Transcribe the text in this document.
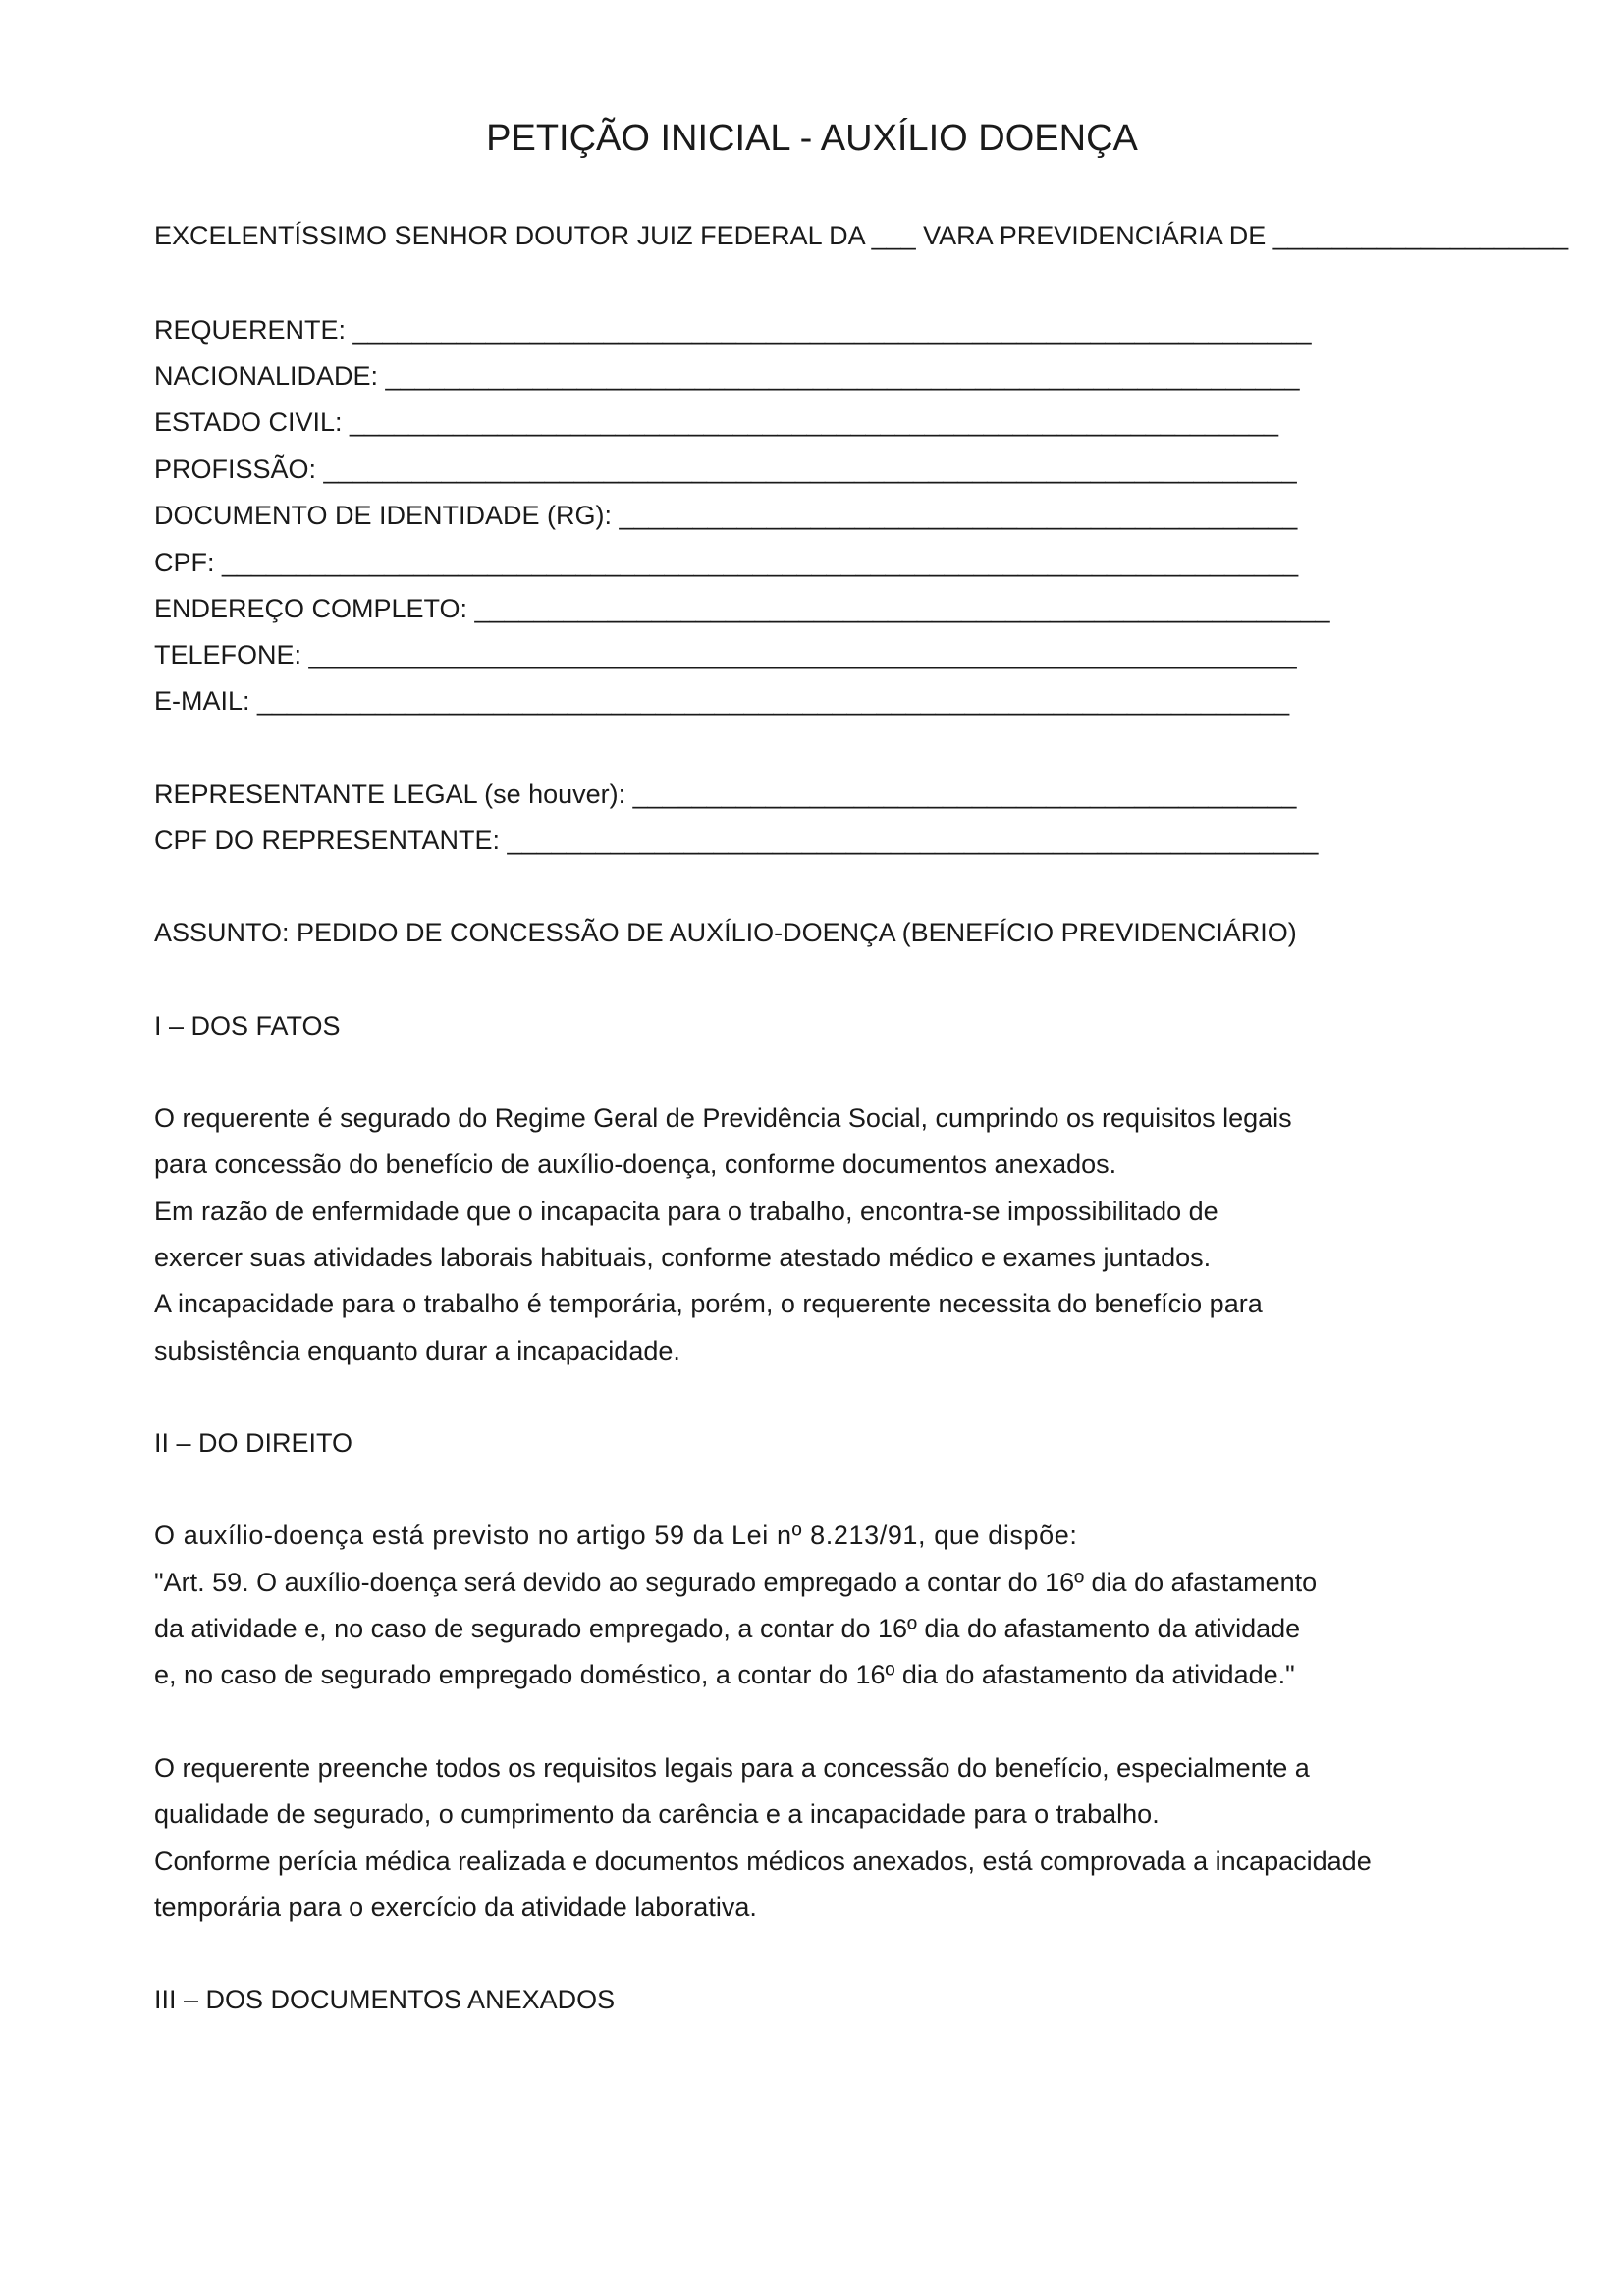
PETIÇÃO INICIAL - AUXÍLIO DOENÇA
EXCELENTÍSSIMO SENHOR DOUTOR JUIZ FEDERAL DA ___ VARA PREVIDENCIÁRIA DE ____________________
REQUERENTE: _________________________________________________________________
NACIONALIDADE: ______________________________________________________________
ESTADO CIVIL: _______________________________________________________________
PROFISSÃO: __________________________________________________________________
DOCUMENTO DE IDENTIDADE (RG): ______________________________________________
CPF: _________________________________________________________________________
ENDEREÇO COMPLETO: __________________________________________________________
TELEFONE: ___________________________________________________________________
E-MAIL: ______________________________________________________________________
REPRESENTANTE LEGAL (se houver): _____________________________________________
CPF DO REPRESENTANTE: _______________________________________________________
ASSUNTO: PEDIDO DE CONCESSÃO DE AUXÍLIO-DOENÇA (BENEFÍCIO PREVIDENCIÁRIO)
I – DOS FATOS
O requerente é segurado do Regime Geral de Previdência Social, cumprindo os requisitos legais
para concessão do benefício de auxílio-doença, conforme documentos anexados.
Em razão de enfermidade que o incapacita para o trabalho, encontra-se impossibilitado de
exercer suas atividades laborais habituais, conforme atestado médico e exames juntados.
A incapacidade para o trabalho é temporária, porém, o requerente necessita do benefício para
subsistência enquanto durar a incapacidade.
II – DO DIREITO
O auxílio-doença está previsto no artigo 59 da Lei nº 8.213/91, que dispõe:
"Art. 59. O auxílio-doença será devido ao segurado empregado a contar do 16º dia do afastamento
da atividade e, no caso de segurado empregado, a contar do 16º dia do afastamento da atividade
e, no caso de segurado empregado doméstico, a contar do 16º dia do afastamento da atividade."
O requerente preenche todos os requisitos legais para a concessão do benefício, especialmente a
qualidade de segurado, o cumprimento da carência e a incapacidade para o trabalho.
Conforme perícia médica realizada e documentos médicos anexados, está comprovada a incapacidade
temporária para o exercício da atividade laborativa.
III – DOS DOCUMENTOS ANEXADOS
